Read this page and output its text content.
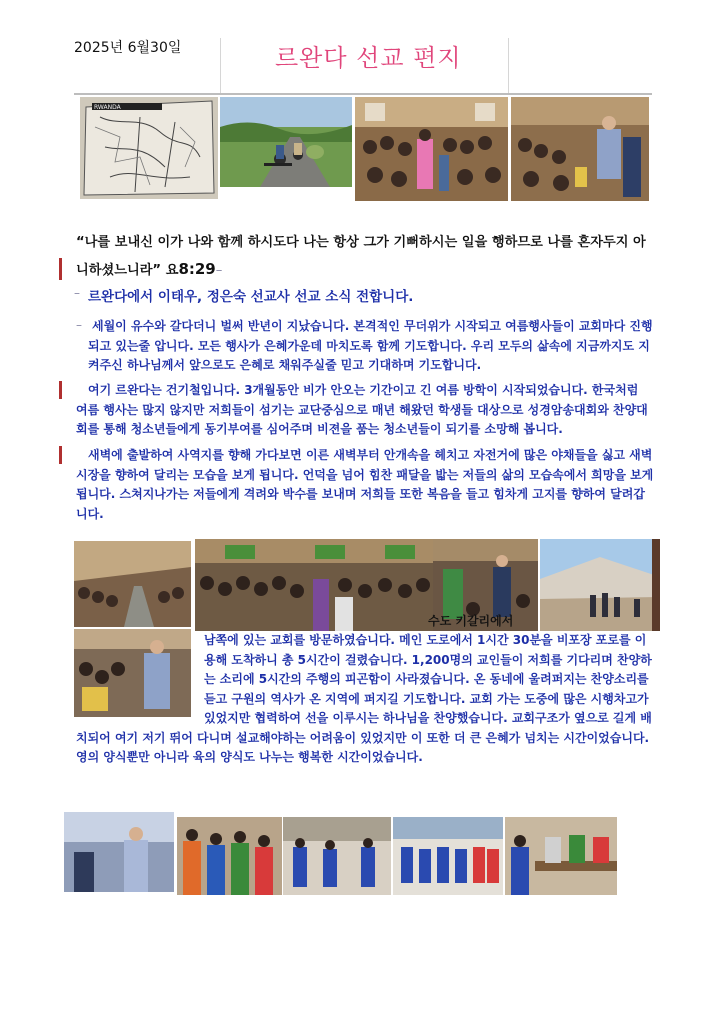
2025년 6월30일	르완다 선교 편지
RWANDA
“나를 보내신 이가 나와 함께 하시도다 나는 항상 그가 기뻐하시는 일을 행하므로 나를 혼자두지 아니하셨느니라” 요8:29–
– 르완다에서 이태우, 정은숙 선교사 선교 소식 전합니다.
– 세월이 유수와 갈다더니 벌써 반년이 지났습니다. 본격적인 무더위가 시작되고 여름행사들이 교회마다 진행되고 있는줄 압니다. 모든 행사가 은혜가운데 마치도록 함께 기도합니다. 우리 모두의 삶속에 지금까지도 지켜주신 하나님께서 앞으로도 은혜로 채워주실줄 믿고 기대하며 기도합니다.
여기 르완다는 건기철입니다. 3개월동안 비가 안오는 기간이고 긴 여름 방학이 시작되었습니다. 한국처럼 여름 행사는 많지 않지만 저희들이 섬기는 교단중심으로 매년 해왔던 학생들 대상으로 성경암송대회와 찬양대회를 통해 청소년들에게 동기부여를 심어주며 비젼을 품는 청소년들이 되기를 소망해 봅니다.
새벽에 출발하여 사역지를 향해 가다보면 이른 새벽부터 안개속을 헤치고 자전거에 많은 야채들을 싫고 새벽 시장을 향하여 달리는 모습을 보게 됩니다. 언덕을 넘어 힘찬 패달을 밟는 저들의 삶의 모습속에서 희망을 보게 됩니다. 스쳐지나가는 저들에게 격려와 박수를 보내며 저희들 또한 복음을 들고 힘차게 고지를 향하여 달려갑니다.
수도 키갈리에서
남쪽에 있는 교회를 방문하였습니다. 메인 도로에서 1시간 30분을 비포장 포로를 이용해 도착하니 총 5시간이 걸렸습니다. 1,200명의 교인들이 저희를 기다리며 찬양하는 소리에 5시간의 주행의 피곤함이 사라졌습니다. 온 동네에 울려퍼지는 찬양소리를 듣고 구원의 역사가 온 지역에 퍼지길 기도합니다. 교회 가는 도중에 많은 시행차고가 있었지만 협력하여 선을 이루시는 하나님을 찬양했습니다. 교회구조가 옆으로 길게 배치되어 여기 저기 뛰어 다니며 설교해야하는 어려움이 있었지만 이 또한 더 큰 은혜가 넘치는 시간이었습니다. 영의 양식뿐만 아니라 육의 양식도 나누는 행복한 시간이었습니다.
